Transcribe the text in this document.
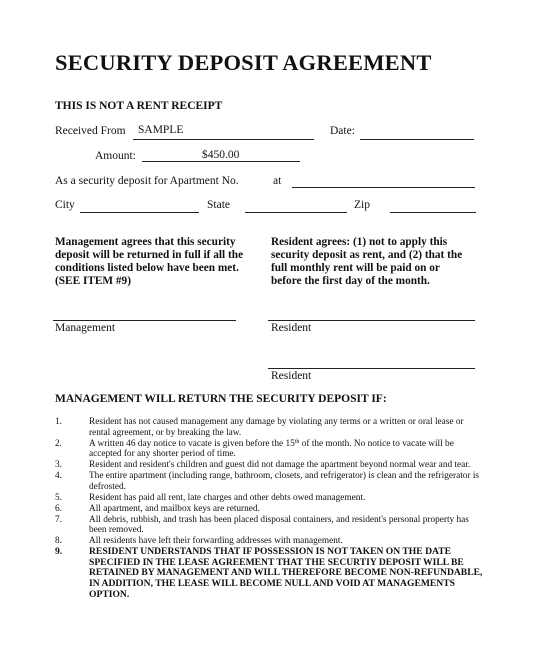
SECURITY DEPOSIT AGREEMENT
THIS IS NOT A RENT RECEIPT
Received From SAMPLE	Date:
Amount:	$450.00
As a security deposit for Apartment No.	at
City	State	Zip
Management agrees that this security deposit will be returned in full if all the conditions listed below have been met. (SEE ITEM #9)
Resident agrees: (1) not to apply this security deposit as rent, and (2) that the full monthly rent will be paid on or before the first day of the month.
Management	Resident
Resident
MANAGEMENT WILL RETURN THE SECURITY DEPOSIT IF:
1.	Resident has not caused management any damage by violating any terms or a written or oral lease or rental agreement, or by breaking the law.
2.	A written 46 day notice to vacate is given before the 15th of the month. No notice to vacate will be accepted for any shorter period of time.
3.	Resident and resident's children and guest did not damage the apartment beyond normal wear and tear.
4.	The entire apartment (including range, bathroom, closets, and refrigerator) is clean and the refrigerator is defrosted.
5.	Resident has paid all rent, late charges and other debts owed management.
6.	All apartment, and mailbox keys are returned.
7.	All debris, rubbish, and trash has been placed disposal containers, and resident's personal property has been removed.
8.	All residents have left their forwarding addresses with management.
9.	RESIDENT UNDERSTANDS THAT IF POSSESSION IS NOT TAKEN ON THE DATE SPECIFIED IN THE LEASE AGREEMENT THAT THE SECURTIY DEPOSIT WILL BE RETAINED BY MANAGEMENT AND WILL THEREFORE BECOME NON-REFUNDABLE, IN ADDITION, THE LEASE WILL BECOME NULL AND VOID AT MANAGEMENTS OPTION.
